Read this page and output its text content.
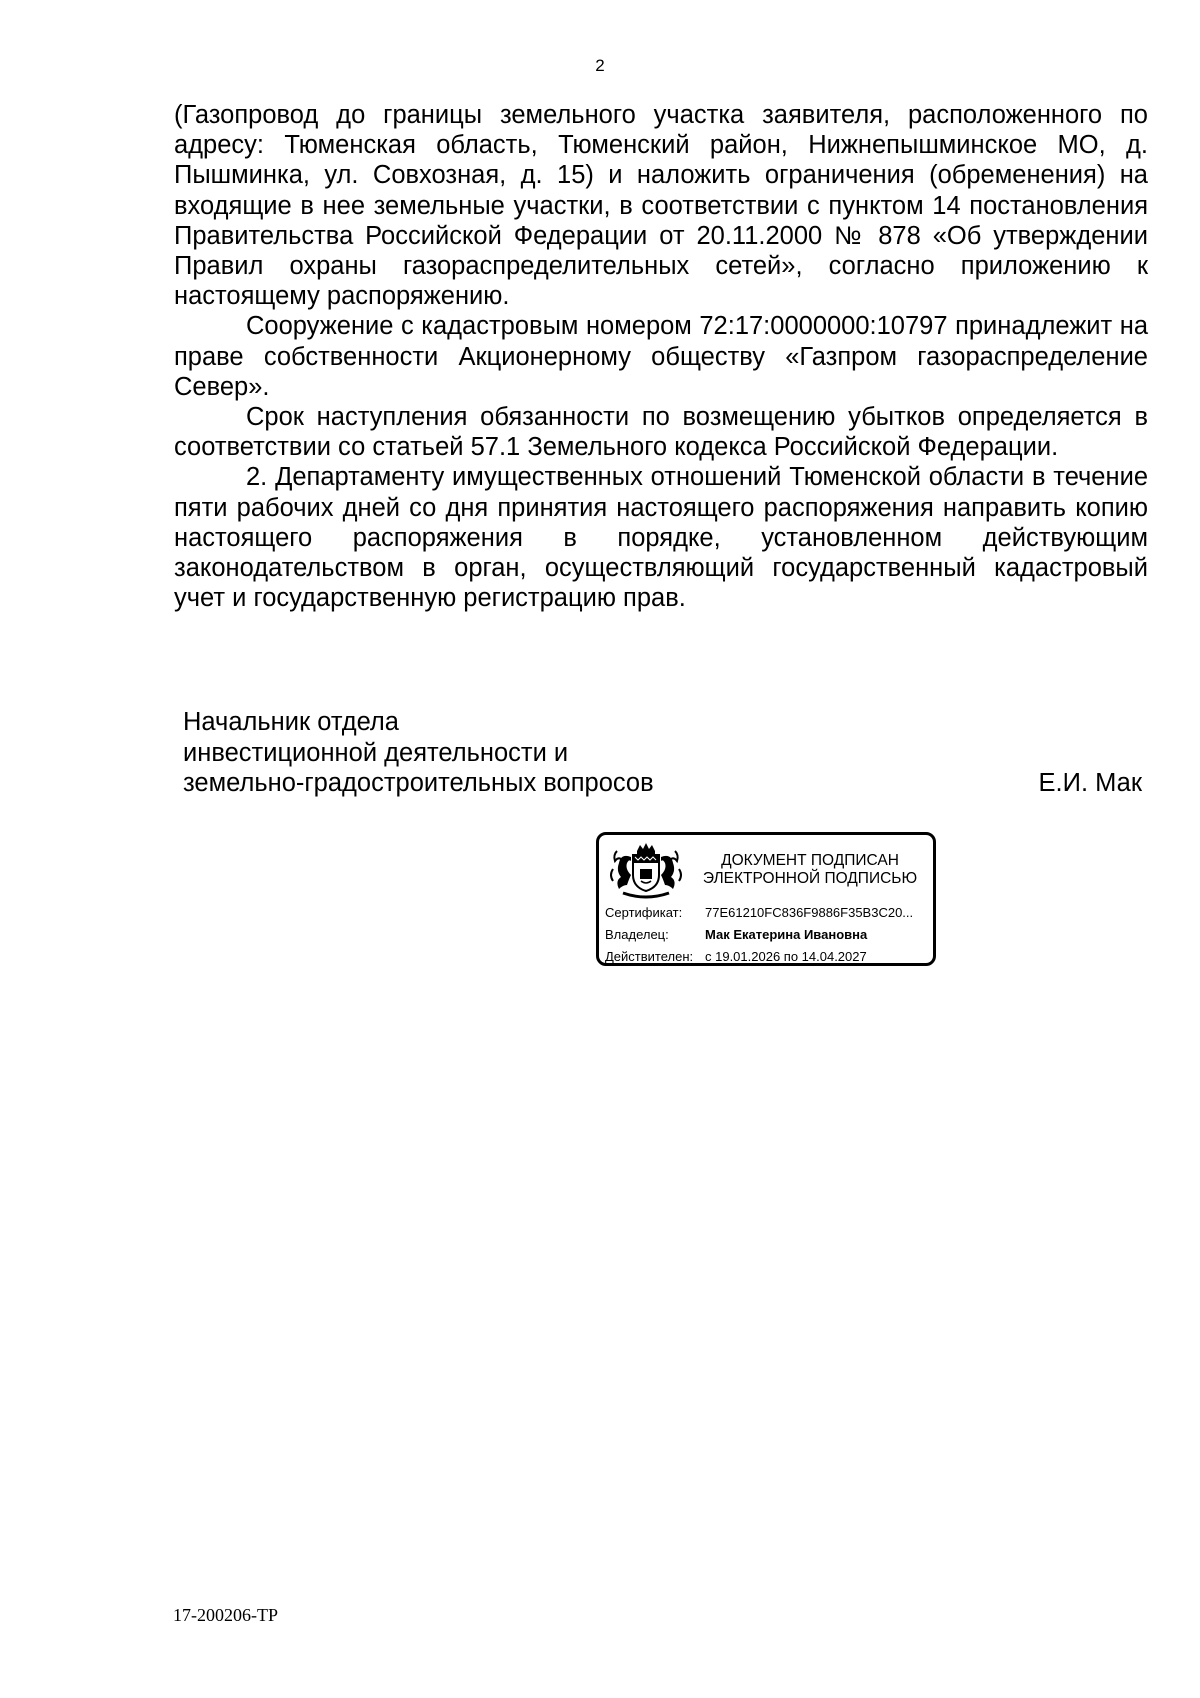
2

(Газопровод до границы земельного участка заявителя, расположенного по адресу: Тюменская область, Тюменский район, Нижнепышминское МО, д. Пышминка, ул. Совхозная, д. 15) и наложить ограничения (обременения) на входящие в нее земельные участки, в соответствии с пунктом 14 постановления Правительства Российской Федерации от 20.11.2000 № 878 «Об утверждении Правил охраны газораспределительных сетей», согласно приложению к настоящему распоряжению.

Сооружение с кадастровым номером 72:17:0000000:10797 принадлежит на праве собственности Акционерному обществу «Газпром газораспределение Север».

Срок наступления обязанности по возмещению убытков определяется в соответствии со статьей 57.1 Земельного кодекса Российской Федерации.

2. Департаменту имущественных отношений Тюменской области в течение пяти рабочих дней со дня принятия настоящего распоряжения направить копию настоящего распоряжения в порядке, установленном действующим законодательством в орган, осуществляющий государственный кадастровый учет и государственную регистрацию прав.

Начальник отдела
инвестиционной деятельности и
земельно-градостроительных вопросов	Е.И. Мак
ДОКУМЕНТ ПОДПИСАН
ЭЛЕКТРОННОЙ ПОДПИСЬЮ
Сертификат: 77E61210FC836F9886F35B3C20...
Владелец:	Мак Екатерина Ивановна
Действителен: с 19.01.2026 по 14.04.2027
17-200206-ТР
